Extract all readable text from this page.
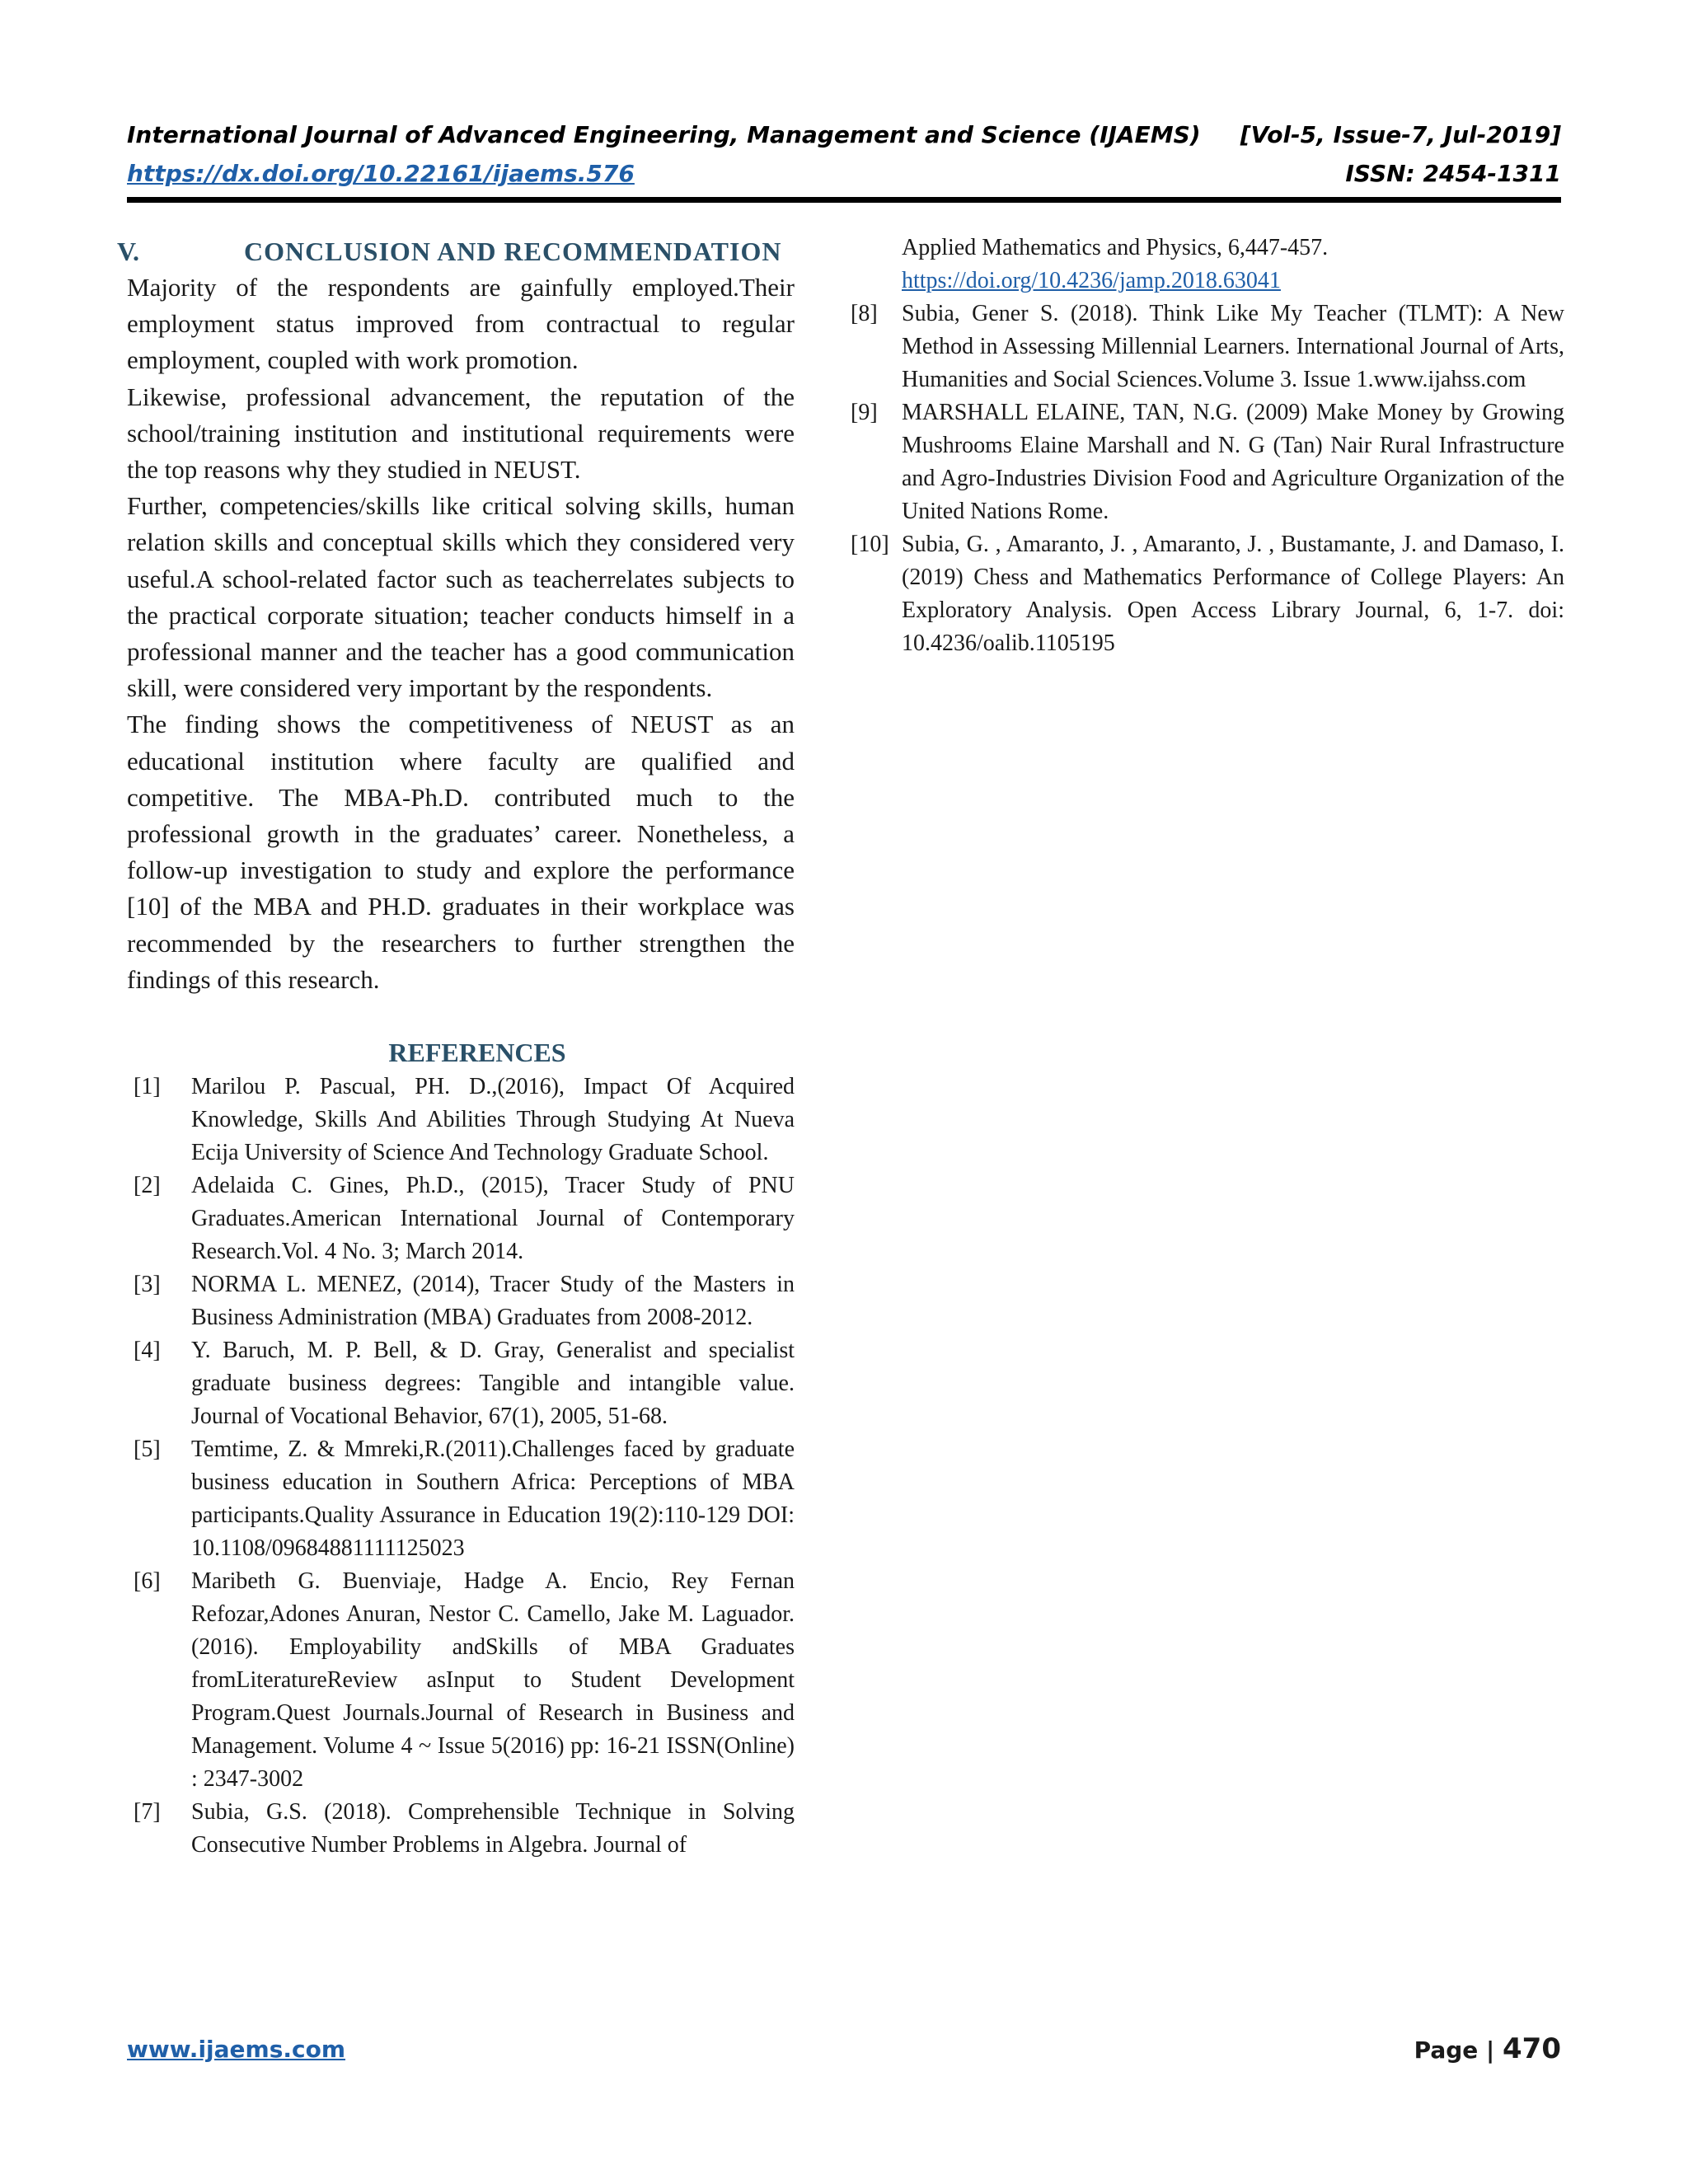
International Journal of Advanced Engineering, Management and Science (IJAEMS) [Vol-5, Issue-7, Jul-2019]
https://dx.doi.org/10.22161/ijaems.576	ISSN: 2454-1311
V.	CONCLUSION AND RECOMMENDATION

Majority of the respondents are gainfully employed.Their employment status improved from contractual to regular employment, coupled with work promotion.

Likewise, professional advancement, the reputation of the school/training institution and institutional requirements were the top reasons why they studied in NEUST.

Further, competencies/skills like critical solving skills, human relation skills and conceptual skills which they considered very useful.A school-related factor such as teacherrelates subjects to the practical corporate situation; teacher conducts himself in a professional manner and the teacher has a good communication skill, were considered very important by the respondents.

The finding shows the competitiveness of NEUST as an educational institution where faculty are qualified and competitive. The MBA-Ph.D. contributed much to the professional growth in the graduates’ career. Nonetheless, a follow-up investigation to study and explore the performance [10] of the MBA and PH.D. graduates in their workplace was recommended by the researchers to further strengthen the findings of this research.

REFERENCES
[1]	Marilou P. Pascual, PH. D.,(2016), Impact Of Acquired Knowledge, Skills And Abilities Through Studying At Nueva Ecija University of Science And Technology Graduate School.
[2]	Adelaida C. Gines, Ph.D., (2015), Tracer Study of PNU Graduates.American International Journal of Contemporary Research.Vol. 4 No. 3; March 2014.
[3]	NORMA L. MENEZ, (2014), Tracer Study of the Masters in Business Administration (MBA) Graduates from 2008-2012.
[4]	Y. Baruch, M. P. Bell, & D. Gray, Generalist and specialist graduate business degrees: Tangible and intangible value. Journal of Vocational Behavior, 67(1), 2005, 51-68.
[5]	Temtime, Z. & Mmreki,R.(2011).Challenges faced by graduate business education in Southern Africa: Perceptions of MBA participants.Quality Assurance in Education 19(2):110-129 DOI: 10.1108/09684881111125023
[6]	Maribeth G. Buenviaje, Hadge A. Encio, Rey Fernan Refozar,Adones Anuran, Nestor C. Camello, Jake M. Laguador. (2016). Employability andSkills of MBA Graduates fromLiteratureReview asInput to Student Development Program.Quest Journals.Journal of Research in Business and Management. Volume 4 ~ Issue 5(2016) pp: 16-21 ISSN(Online) : 2347-3002
[7]	Subia, G.S. (2018). Comprehensible Technique in Solving Consecutive Number Problems in Algebra. Journal of
Applied Mathematics and Physics, 6,447-457.
https://doi.org/10.4236/jamp.2018.63041
[8]	Subia, Gener S. (2018). Think Like My Teacher (TLMT): A New Method in Assessing Millennial Learners. International Journal of Arts, Humanities and Social Sciences.Volume 3. Issue 1.www.ijahss.com
[9]	MARSHALL ELAINE, TAN, N.G. (2009) Make Money by Growing Mushrooms Elaine Marshall and N. G (Tan) Nair Rural Infrastructure and Agro-Industries Division Food and Agriculture Organization of the United Nations Rome.
[10] Subia, G. , Amaranto, J. , Amaranto, J. , Bustamante, J. and Damaso, I. (2019) Chess and Mathematics Performance of College Players: An Exploratory Analysis. Open Access Library Journal, 6, 1-7. doi: 10.4236/oalib.1105195
www.ijaems.com	Page | 470
